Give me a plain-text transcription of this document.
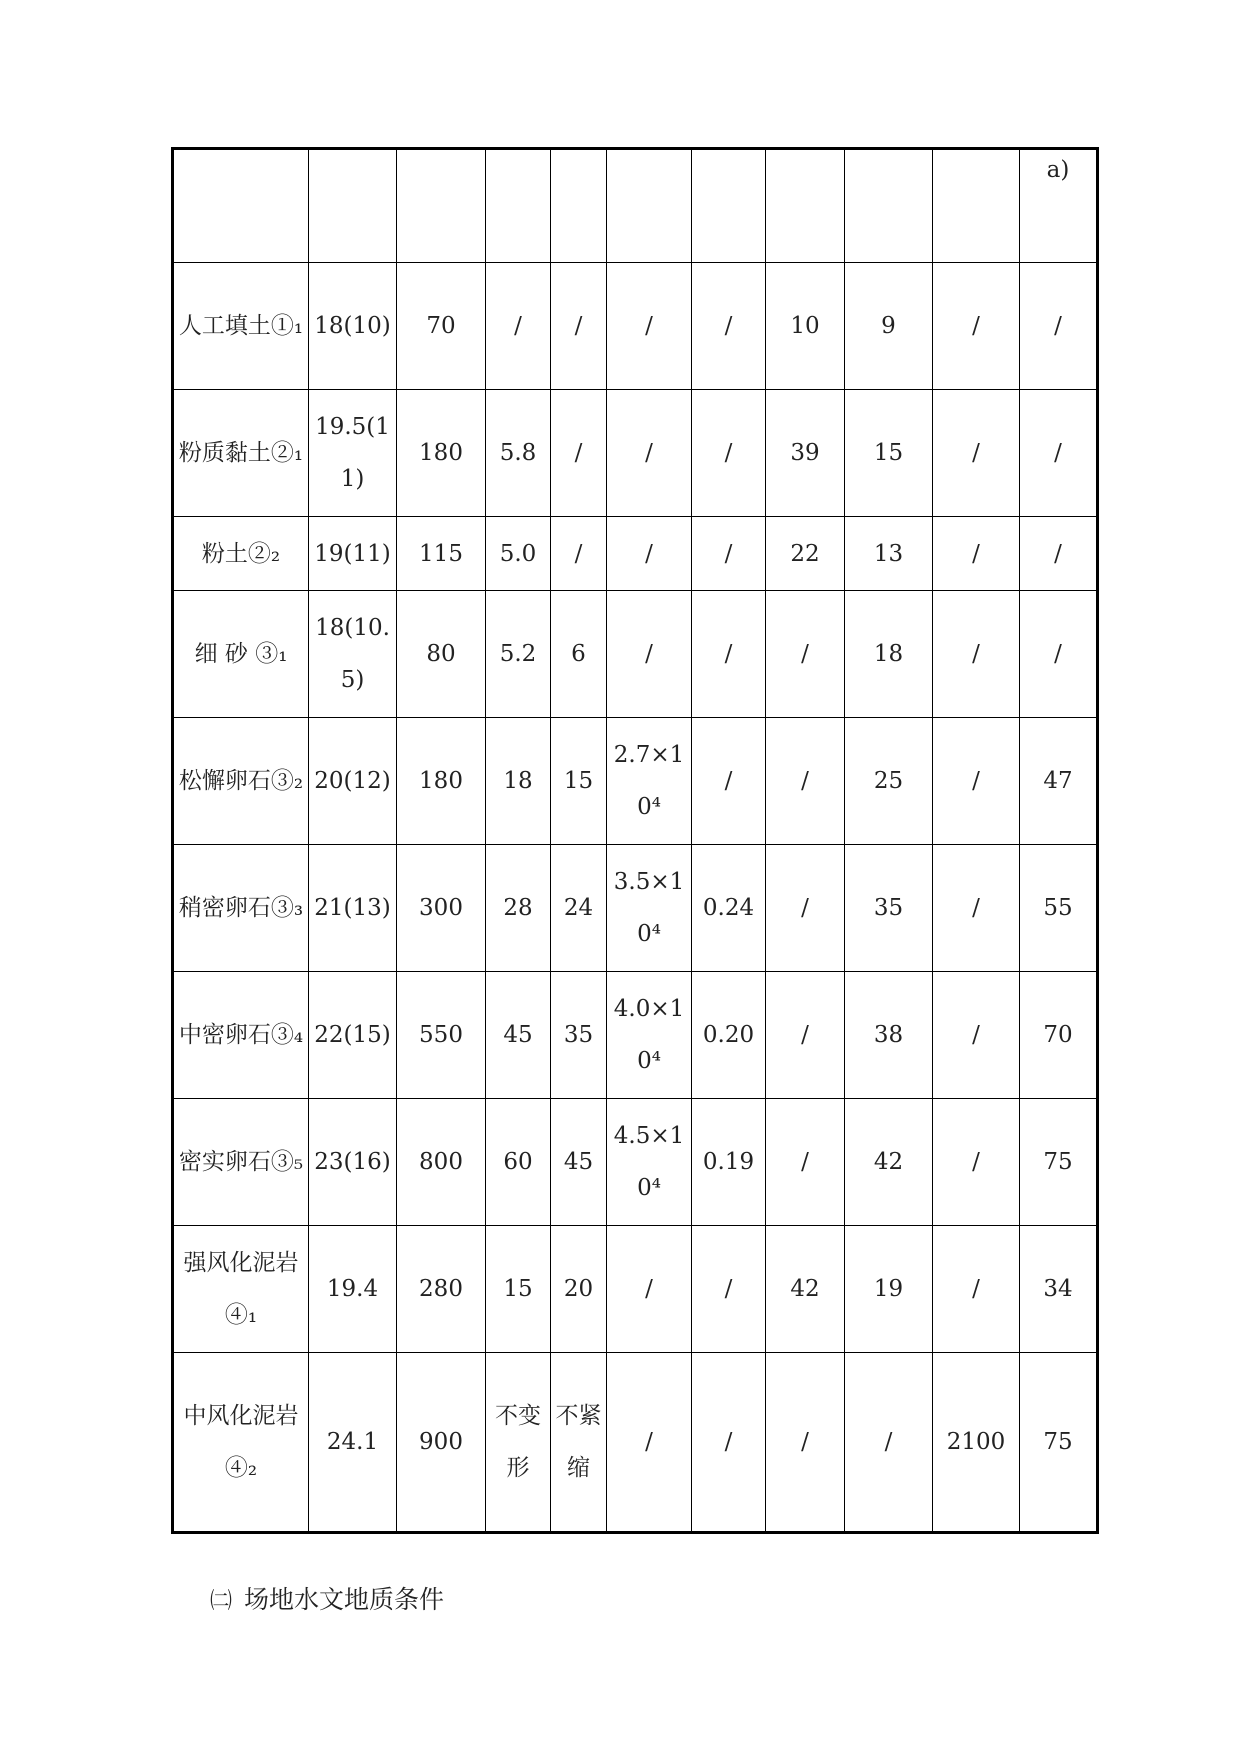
										a)
人工填土①₁	18(10)	70	/	/	/	/	10	9	/	/
粉质黏土②₁	19.5(11)	180	5.8	/	/	/	39	15	/	/
粉土②₂	19(11)	115	5.0	/	/	/	22	13	/	/
细 砂 ③₁	18(10.5)	80	5.2	6	/	/	/	18	/	/
松懈卵石③₂	20(12)	180	18	15	2.7×10⁴	/	/	25	/	47
稍密卵石③₃	21(13)	300	28	24	3.5×10⁴	0.24	/	35	/	55
中密卵石③₄	22(15)	550	45	35	4.0×10⁴	0.20	/	38	/	70
密实卵石③₅	23(16)	800	60	45	4.5×10⁴	0.19	/	42	/	75
强风化泥岩④₁	19.4	280	15	20	/	/	42	19	/	34
中风化泥岩④₂	24.1	900	不变形	不紧缩	/	/	/	/	2100	75
㈡ 场地水文地质条件
